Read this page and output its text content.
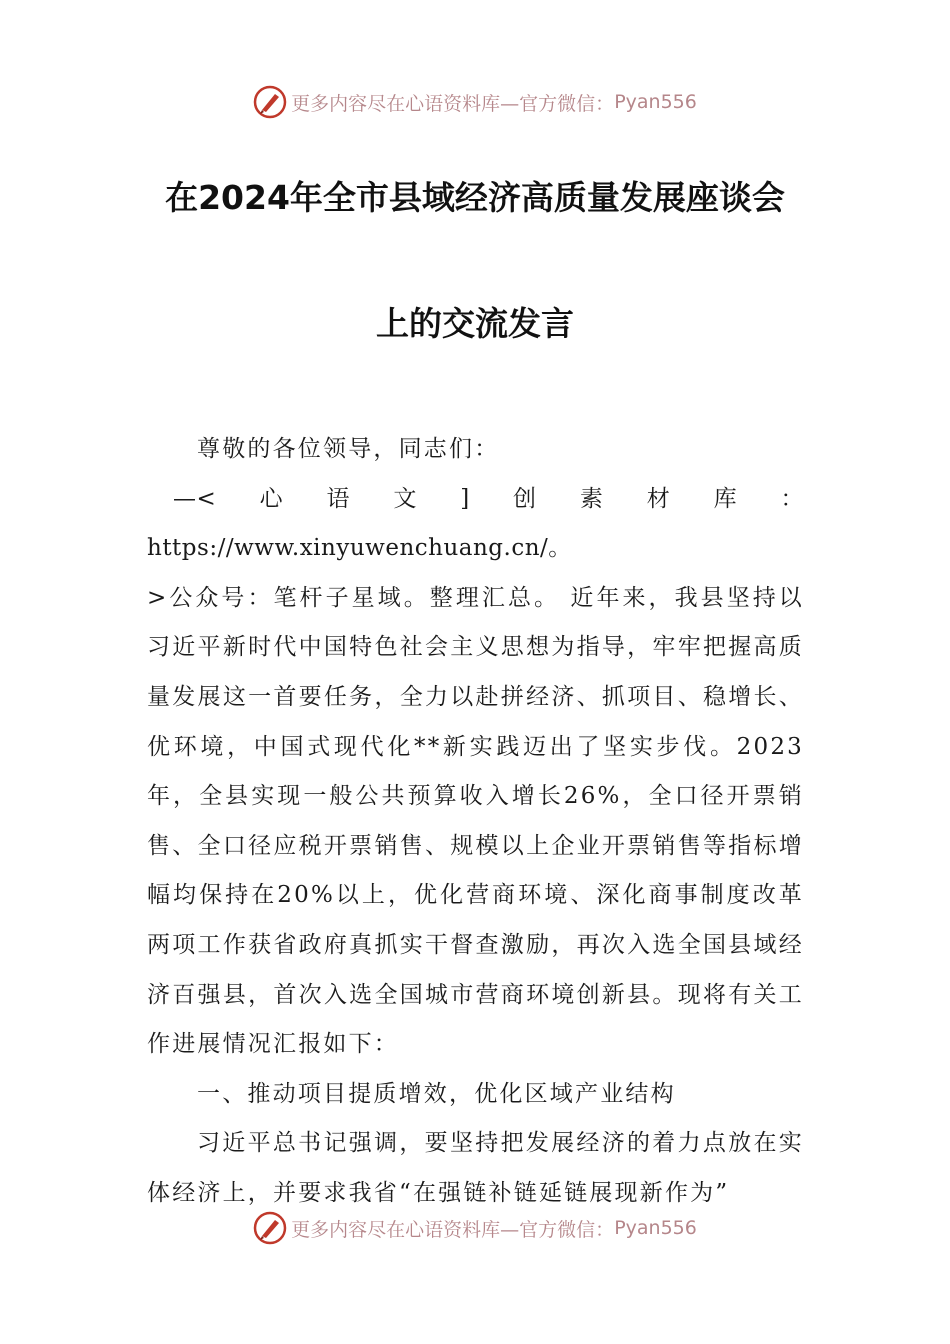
更多内容尽在心语资料库— 官方微信： Pyan556
在2024年全市县域经济高质量发展座谈会
上的交流发言

尊敬的各位领导，同志们：

—<心语文]创素材库：https://www.xinyuwenchuang.cn/。

>公众号：笔杆子星域。整理汇总。 近年来，我县坚持以习近平新时代中国特色社会主义思想为指导，牢牢把握高质量发展这一首要任务，全力以赴拼经济、抓项目、稳增长、优环境，中国式现代化**新实践迈出了坚实步伐。2023年，全县实现一般公共预算收入增长26%，全口径开票销售、全口径应税开票销售、规模以上企业开票销售等指标增幅均保持在20%以上，优化营商环境、深化商事制度改革两项工作获省政府真抓实干督查激励，再次入选全国县域经济百强县，首次入选全国城市营商环境创新县。现将有关工作进展情况汇报如下：

一、推动项目提质增效，优化区域产业结构

习近平总书记强调，要坚持把发展经济的着力点放在实体经济上，并要求我省“在强链补链延链展现新作为”

更多内容尽在心语资料库— 官方微信： Pyan556
